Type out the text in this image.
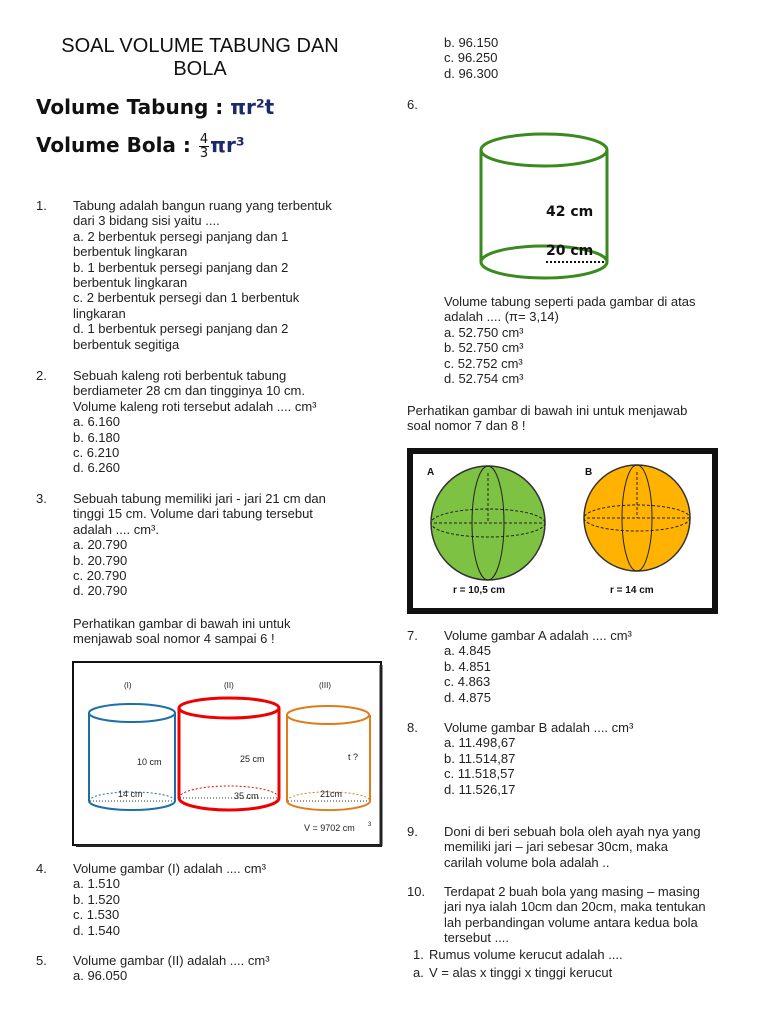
SOAL VOLUME TABUNG DAN
BOLA
Volume Tabung : πr²t
Volume Bola : $\frac{4}{3} \pi r^3$
1. Tabung adalah bangun ruang yang terbentuk
dari 3 bidang sisi yaitu ....
a. 2 berbentuk persegi panjang dan 1
berbentuk lingkaran
b. 1 berbentuk persegi panjang dan 2
berbentuk lingkaran
c. 2 berbentuk persegi dan 1 berbentuk
lingkaran
d. 1 berbentuk persegi panjang dan 2
berbentuk segitiga
2. Sebuah kaleng roti berbentuk tabung
berdiameter 28 cm dan tingginya 10 cm.
Volume kaleng roti tersebut adalah .... cm³
a. 6.160
b. 6.180
c. 6.210
d. 6.260
3. Sebuah tabung memiliki jari - jari 21 cm dan
tinggi 15 cm. Volume dari tabung tersebut
adalah .... cm³.
a. 20.790
b. 20.790
c. 20.790
d. 20.790
Perhatikan gambar di bawah ini untuk
menjawab soal nomor 4 sampai 6 !
(I)	(II)	(III)
10 cm	25 cm	t ?
14 cm	35 cm	21cm
V = 9702 cm 3
4. Volume gambar (I) adalah .... cm³
a. 1.510
b. 1.520
c. 1.530
d. 1.540
5. Volume gambar (II) adalah .... cm³
a. 96.050
b. 96.150
c. 96.250
d. 96.300
6.
42 cm
20 cm
Volume tabung seperti pada gambar di atas
adalah .... (π= 3,14)
a. 52.750 cm³
b. 52.750 cm³
c. 52.752 cm³
d. 52.754 cm³
Perhatikan gambar di bawah ini untuk menjawab
soal nomor 7 dan 8 !
A	B
r = 10,5 cm	r = 14 cm
7. Volume gambar A adalah .... cm³
a. 4.845
b. 4.851
c. 4.863
d. 4.875
8. Volume gambar B adalah .... cm³
a. 11.498,67
b. 11.514,87
c. 11.518,57
d. 11.526,17
9. Doni di beri sebuah bola oleh ayah nya yang
memiliki jari – jari sebesar 30cm, maka
carilah volume bola adalah ..
10. Terdapat 2 buah bola yang masing – masing
jari nya ialah 10cm dan 20cm, maka tentukan
lah perbandingan volume antara kedua bola
tersebut ....
1. Rumus volume kerucut adalah ....
a. V = alas x tinggi x tinggi kerucut
